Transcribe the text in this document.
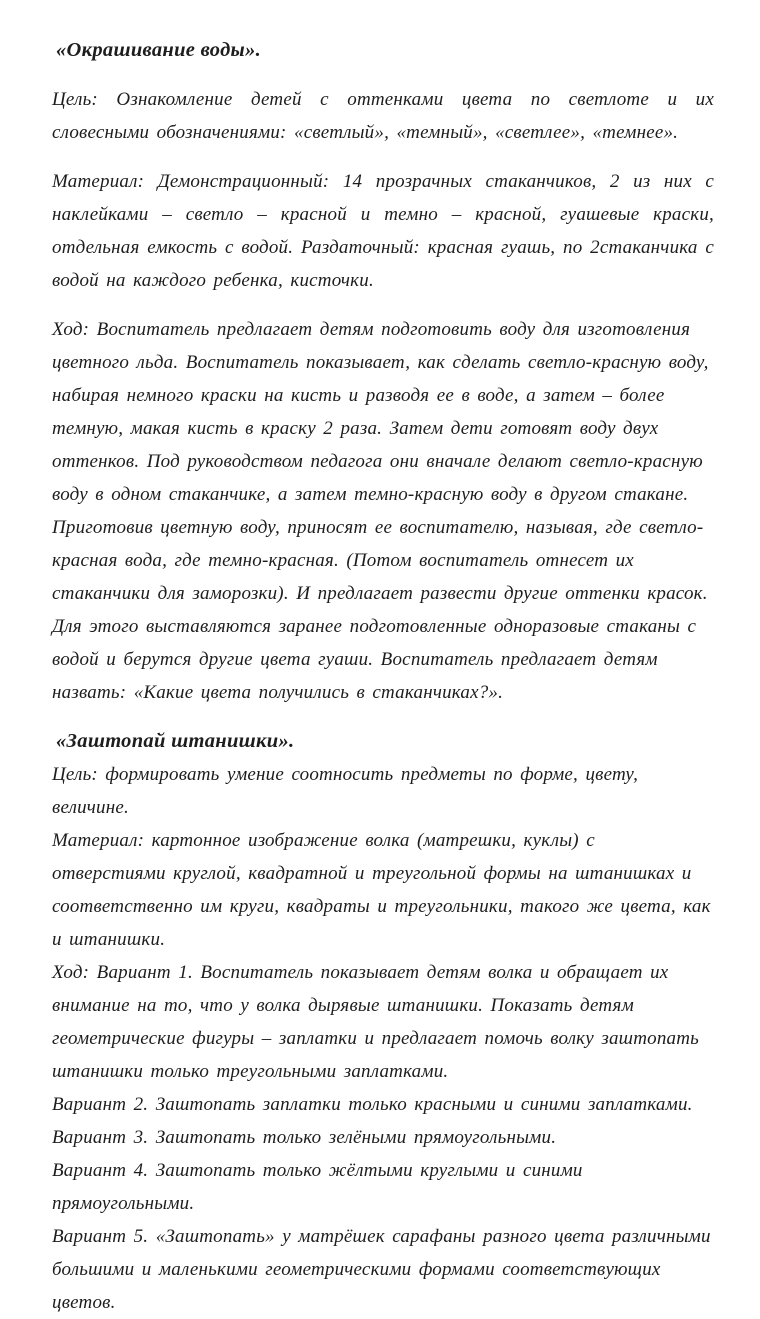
«Окрашивание воды».

Цель: Ознакомление детей с оттенками цвета по светлоте и их словесными обозначениями: «светлый», «темный», «светлее», «темнее».

Материал: Демонстрационный: 14 прозрачных стаканчиков, 2 из них с наклейками – светло – красной и темно – красной, гуашевые краски, отдельная емкость с водой. Раздаточный: красная гуашь, по 2стаканчика с водой на каждого ребенка, кисточки.

Ход: Воспитатель предлагает детям подготовить воду для изготовления цветного льда. Воспитатель показывает, как сделать светло-красную воду, набирая немного краски на кисть и разводя ее в воде, а затем – более темную, макая кисть в краску 2 раза. Затем дети готовят воду двух оттенков. Под руководством педагога они вначале делают светло-красную воду в одном стаканчике, а затем темно-красную воду в другом стакане. Приготовив цветную воду, приносят ее воспитателю, называя, где светло-красная вода, где темно-красная. (Потом воспитатель отнесет их стаканчики для заморозки). И предлагает развести другие оттенки красок. Для этого выставляются заранее подготовленные одноразовые стаканы с водой и берутся другие цвета гуаши. Воспитатель предлагает детям назвать: «Какие цвета получились в стаканчиках?».

«Заштопай штанишки».

Цель: формировать умение соотносить предметы по форме, цвету, величине.

Материал: картонное изображение волка (матрешки, куклы) с отверстиями круглой, квадратной и треугольной формы на штанишках и соответственно им круги, квадраты и треугольники, такого же цвета, как и штанишки.

Ход: Вариант 1. Воспитатель показывает детям волка и обращает их внимание на то, что у волка дырявые штанишки. Показать детям геометрические фигуры – заплатки и предлагает помочь волку заштопать штанишки только треугольными заплатками.

Вариант 2. Заштопать заплатки только красными и синими заплатками.

Вариант 3. Заштопать только зелёными прямоугольными.

Вариант 4. Заштопать только жёлтыми круглыми и синими прямоугольными.

Вариант 5. «Заштопать» у матрёшек сарафаны разного цвета различными большими и маленькими геометрическими формами соответствующих цветов.
